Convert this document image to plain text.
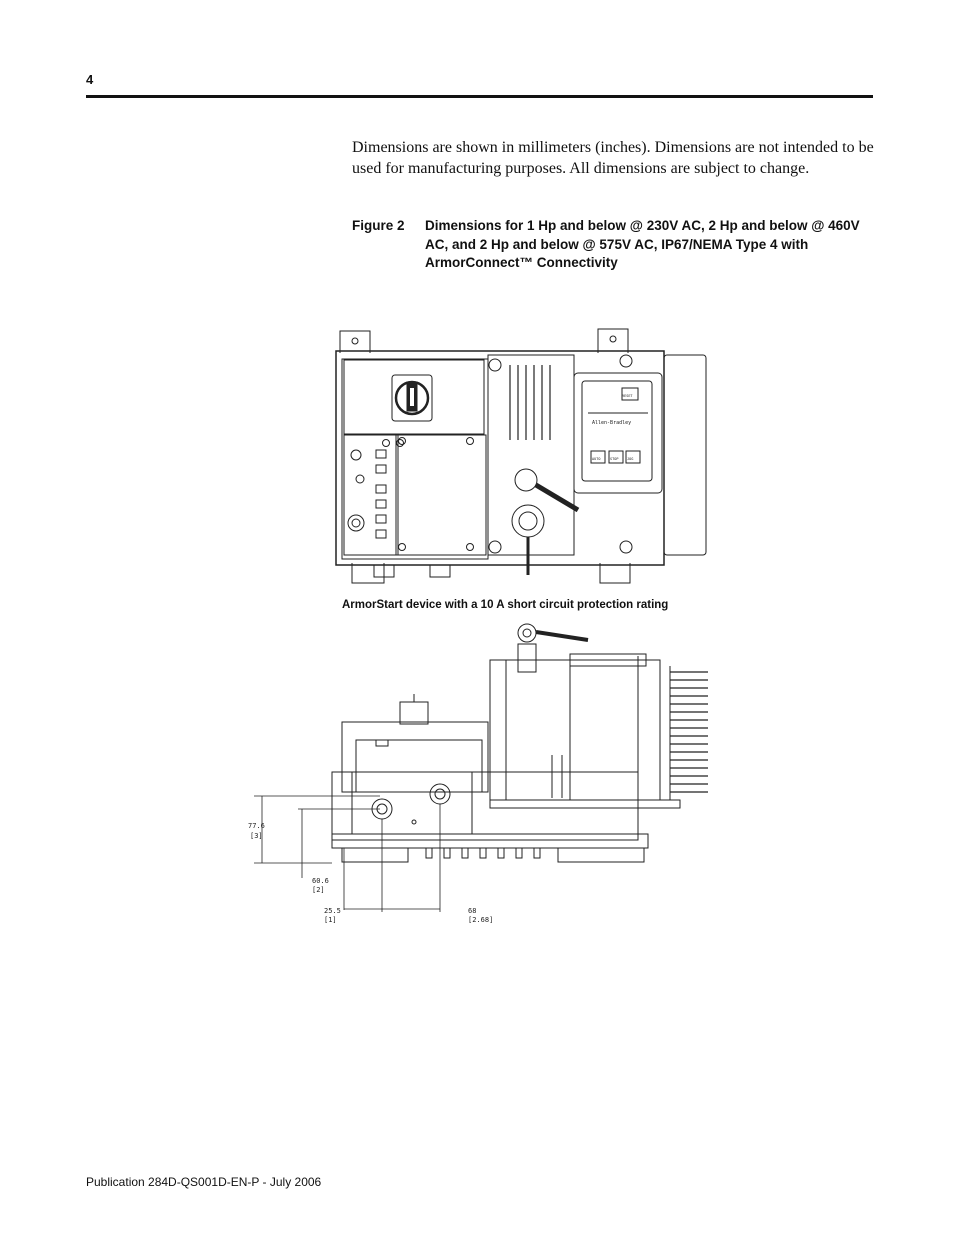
4

Dimensions are shown in millimeters (inches). Dimensions are not intended to be used for manufacturing purposes. All dimensions are subject to change.

Figure 2	Dimensions for 1 Hp and below @ 230V AC, 2 Hp and below @ 460V AC, and 2 Hp and below @ 575V AC, IP67/NEMA Type 4 with ArmorConnect™ Connectivity
Allen-Bradley
RESET
AUTO	STOP JOG
ArmorStart device with a 10 A short circuit protection rating
77.6
[3]
60.6
[2]
25.5
[1]
68
[2.68]
Publication 284D-QS001D-EN-P - July 2006
